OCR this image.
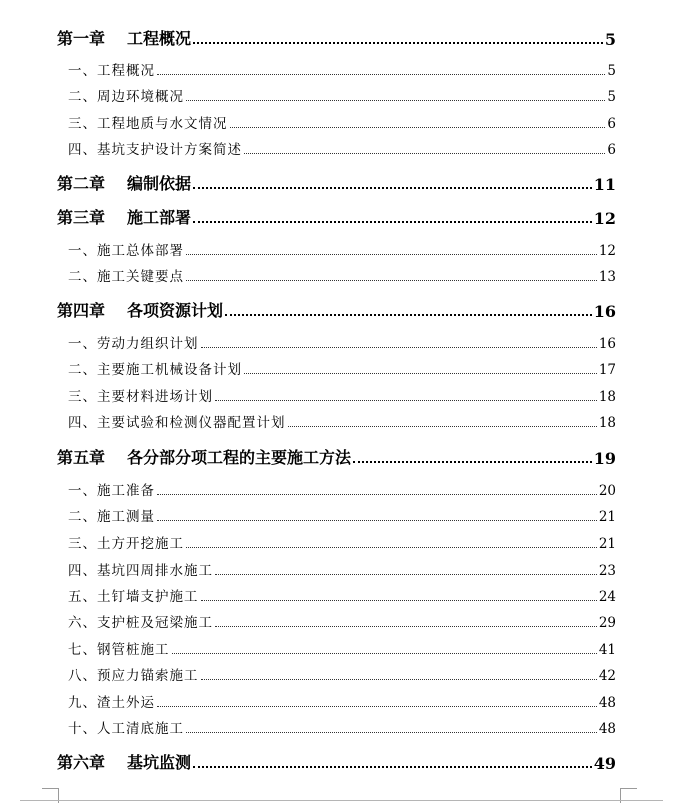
第一章 工程概况	5
一、工程概况	5
二、周边环境概况	5
三、工程地质与水文情况	6
四、基坑支护设计方案简述	6
第二章 编制依据	11
第三章 施工部署	12
一、施工总体部署	12
二、施工关键要点	13
第四章 各项资源计划	16
一、劳动力组织计划	16
二、主要施工机械设备计划	17
三、主要材料进场计划	18
四、主要试验和检测仪器配置计划	18
第五章 各分部分项工程的主要施工方法	19
一、施工准备	20
二、施工测量	21
三、土方开挖施工	21
四、基坑四周排水施工	23
五、土钉墙支护施工	24
六、支护桩及冠梁施工	29
七、钢管桩施工	41
八、预应力锚索施工	42
九、渣土外运	48
十、人工清底施工	48
第六章 基坑监测	49
